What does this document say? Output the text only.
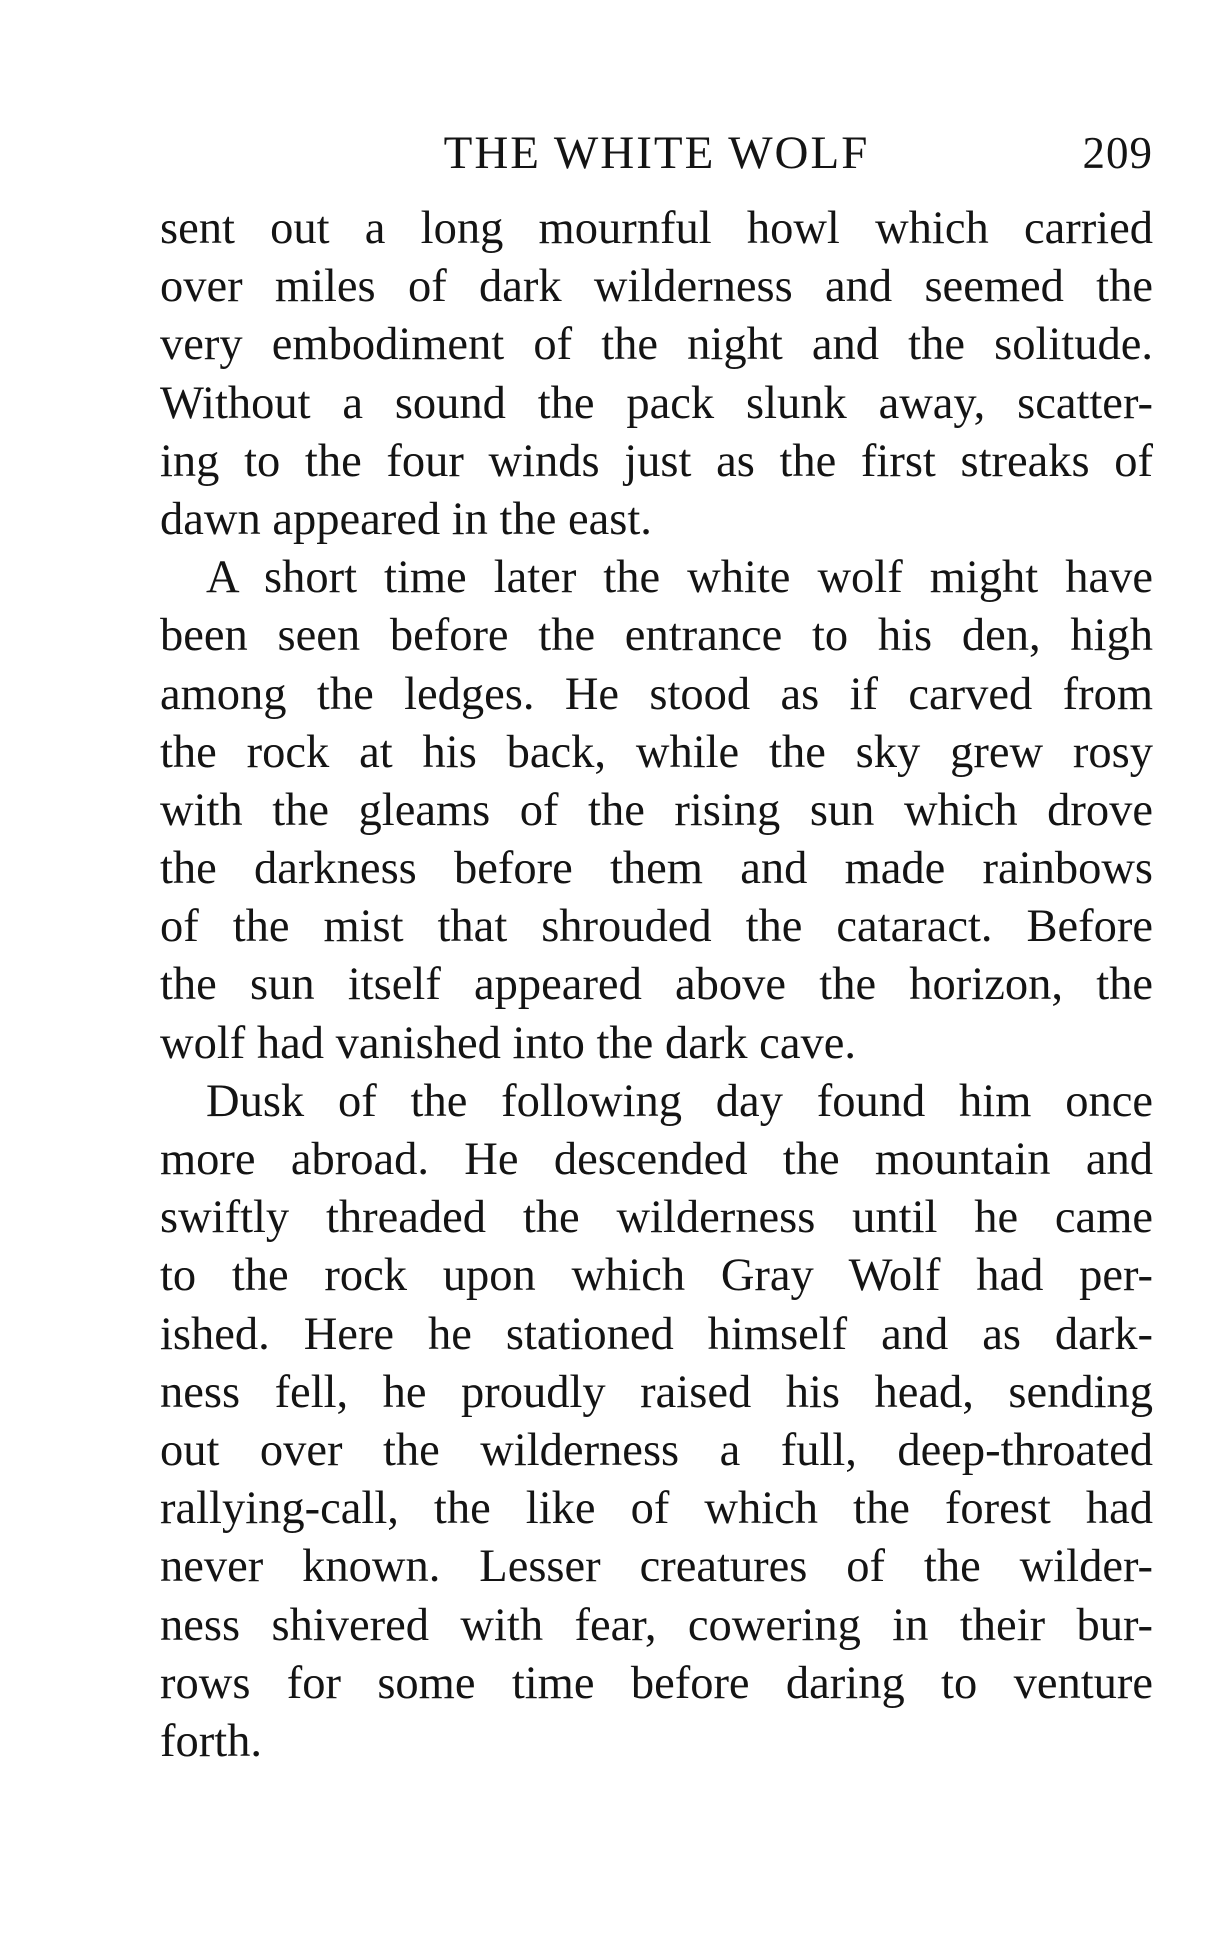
THE WHITE WOLF	209
sent out a long mournful howl which carried
over miles of dark wilderness and seemed the
very embodiment of the night and the solitude.
Without a sound the pack slunk away, scatter-
ing to the four winds just as the first streaks of
dawn appeared in the east.
A short time later the white wolf might have
been seen before the entrance to his den, high
among the ledges. He stood as if carved from
the rock at his back, while the sky grew rosy
with the gleams of the rising sun which drove
the darkness before them and made rainbows
of the mist that shrouded the cataract. Before
the sun itself appeared above the horizon, the
wolf had vanished into the dark cave.
Dusk of the following day found him once
more abroad. He descended the mountain and
swiftly threaded the wilderness until he came
to the rock upon which Gray Wolf had per-
ished. Here he stationed himself and as dark-
ness fell, he proudly raised his head, sending
out over the wilderness a full, deep-throated
rallying-call, the like of which the forest had
never known. Lesser creatures of the wilder-
ness shivered with fear, cowering in their bur-
rows for some time before daring to venture
forth.
